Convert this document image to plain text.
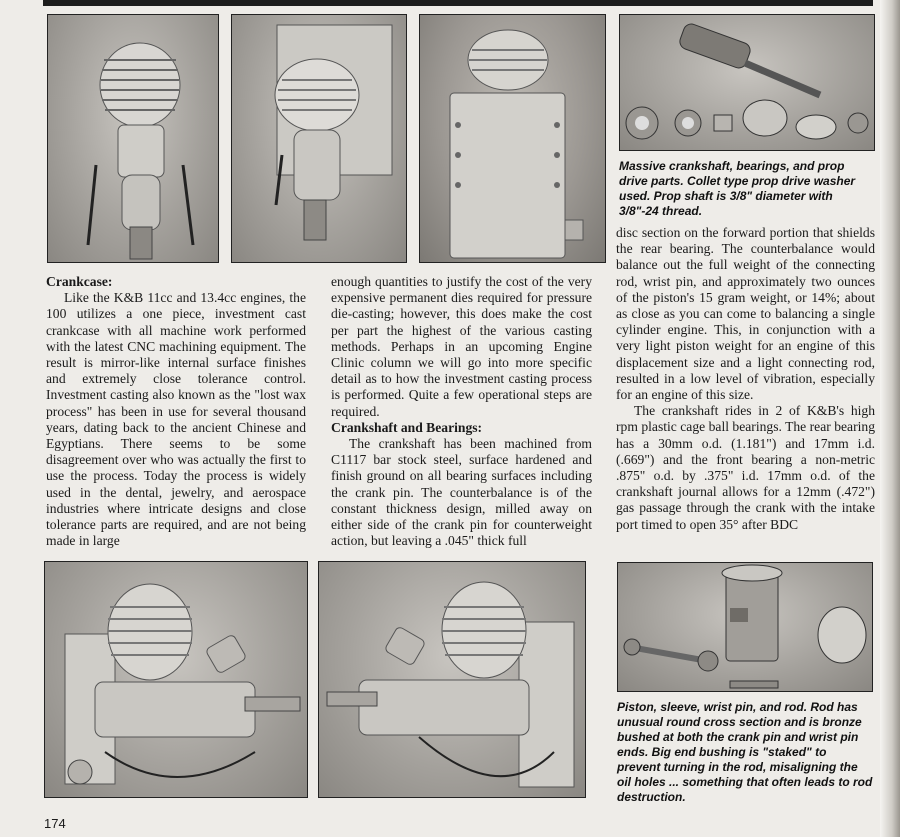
Massive crankshaft, bearings, and prop drive parts. Collet type prop drive washer used. Prop shaft is 3/8" diameter with 3/8"-24 thread.

Crankcase:

Like the K&B 11cc and 13.4cc engines, the 100 utilizes a one piece, investment cast crankcase with all machine work performed with the latest CNC machining equipment. The result is mirror-like internal surface finishes and extremely close tolerance control. Investment casting also known as the "lost wax process" has been in use for several thousand years, dating back to the ancient Chinese and Egyptians. There seems to be some disagreement over who was actually the first to use the process. Today the process is widely used in the dental, jewelry, and aerospace industries where intricate designs and close tolerance parts are required, and are not being made in large

enough quantities to justify the cost of the very expensive permanent dies required for pressure die-casting; however, this does make the cost per part the highest of the various casting methods. Perhaps in an upcoming Engine Clinic column we will go into more specific detail as to how the investment casting process is performed. Quite a few operational steps are required.

Crankshaft and Bearings:

The crankshaft has been machined from C1117 bar stock steel, surface hardened and finish ground on all bearing surfaces including the crank pin. The counterbalance is of the constant thickness design, milled away on either side of the crank pin for counterweight action, but leaving a .045" thick full

disc section on the forward portion that shields the rear bearing. The counterbalance would balance out the full weight of the connecting rod, wrist pin, and approximately two ounces of the piston's 15 gram weight, or 14%; about as close as you can come to balancing a single cylinder engine. This, in conjunction with a very light piston weight for an engine of this displacement size and a light connecting rod, resulted in a low level of vibration, especially for an engine of this size.

The crankshaft rides in 2 of K&B's high rpm plastic cage ball bearings. The rear bearing has a 30mm o.d. (1.181") and 17mm i.d. (.669") and the front bearing a non-metric .875" o.d. by .375" i.d. 17mm o.d. of the crankshaft journal allows for a 12mm (.472") gas passage through the crank with the intake port timed to open 35° after BDC

Piston, sleeve, wrist pin, and rod. Rod has unusual round cross section and is bronze bushed at both the crank pin and wrist pin ends. Big end bushing is "staked" to prevent turning in the rod, misaligning the oil holes ... something that often leads to rod destruction.
174
